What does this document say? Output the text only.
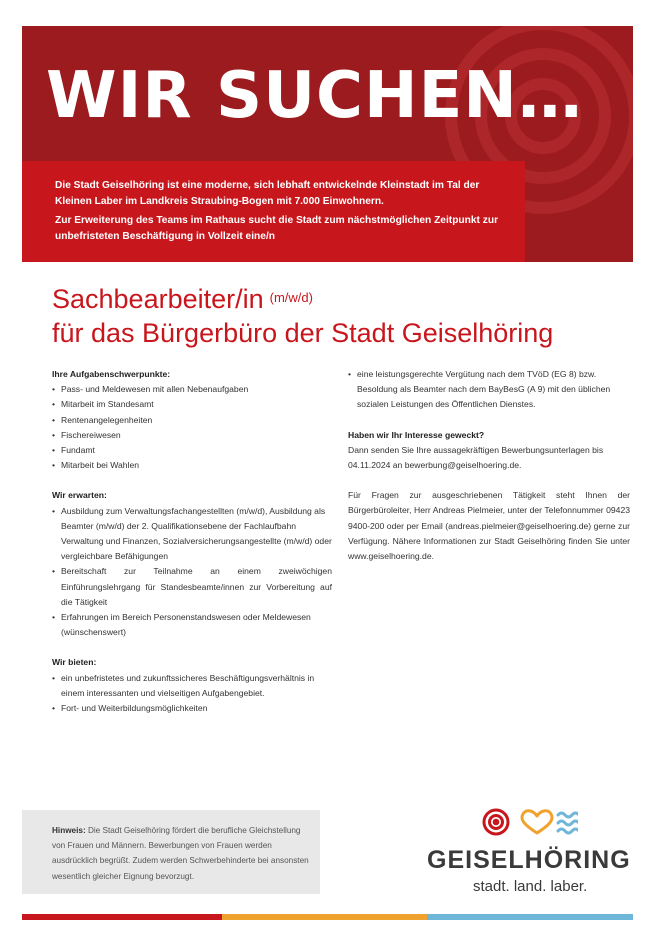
WIR SUCHEN…

Die Stadt Geiselhöring ist eine moderne, sich lebhaft entwickelnde Kleinstadt im Tal der Kleinen Laber im Landkreis Straubing-Bogen mit 7.000 Einwohnern.

Zur Erweiterung des Teams im Rathaus sucht die Stadt zum nächstmöglichen Zeitpunkt zur unbefristeten Beschäftigung in Vollzeit eine/n

Sachbearbeiter/in $^{(m/w/d)}$
für das Bürgerbüro der Stadt Geiselhöring
Ihre Aufgabenschwerpunkte:
• Pass- und Meldewesen mit allen Nebenaufgaben
• Mitarbeit im Standesamt
• Rentenangelegenheiten
• Fischereiwesen
• Fundamt
• Mitarbeit bei Wahlen
Wir erwarten:
• Ausbildung zum Verwaltungsfachangestellten (m/w/d), Ausbildung als Beamter (m/w/d) der 2. Qualifikationsebene der Fachlaufbahn Verwaltung und Finanzen, Sozialversicherungsangestellte (m/w/d) oder vergleichbare Befähigungen
• Bereitschaft zur Teilnahme an einem zweiwöchigen Einführungslehrgang für Standesbeamte/innen zur Vorbereitung auf die Tätigkeit
• Erfahrungen im Bereich Personenstandswesen oder Meldewesen (wünschenswert)
Wir bieten:
• ein unbefristetes und zukunftssicheres Beschäftigungsverhältnis in einem interessanten und vielseitigen Aufgabengebiet.
• Fort- und Weiterbildungsmöglichkeiten
• eine leistungsgerechte Vergütung nach dem TVöD (EG 8) bzw. Besoldung als Beamter nach dem BayBesG (A 9) mit den üblichen sozialen Leistungen des Öffentlichen Dienstes.
Haben wir Ihr Interesse geweckt?

Dann senden Sie Ihre aussagekräftigen Bewerbungsunterlagen bis 04.11.2024 an bewerbung@geiselhoering.de.

Für Fragen zur ausgeschriebenen Tätigkeit steht Ihnen der Bürgerbüroleiter, Herr Andreas Pielmeier, unter der Telefonnummer 09423 9400-200 oder per Email (andreas.pielmeier@geiselhoering.de) gerne zur Verfügung. Nähere Informationen zur Stadt Geiselhöring finden Sie unter www.geiselhoering.de.

Hinweis: Die Stadt Geiselhöring fördert die berufliche Gleichstellung von Frauen und Männern. Bewerbungen von Frauen werden ausdrücklich begrüßt. Zudem werden Schwerbehinderte bei ansonsten wesentlich gleicher Eignung bevorzugt.

GEISELHÖRING

stadt. land. laber.
